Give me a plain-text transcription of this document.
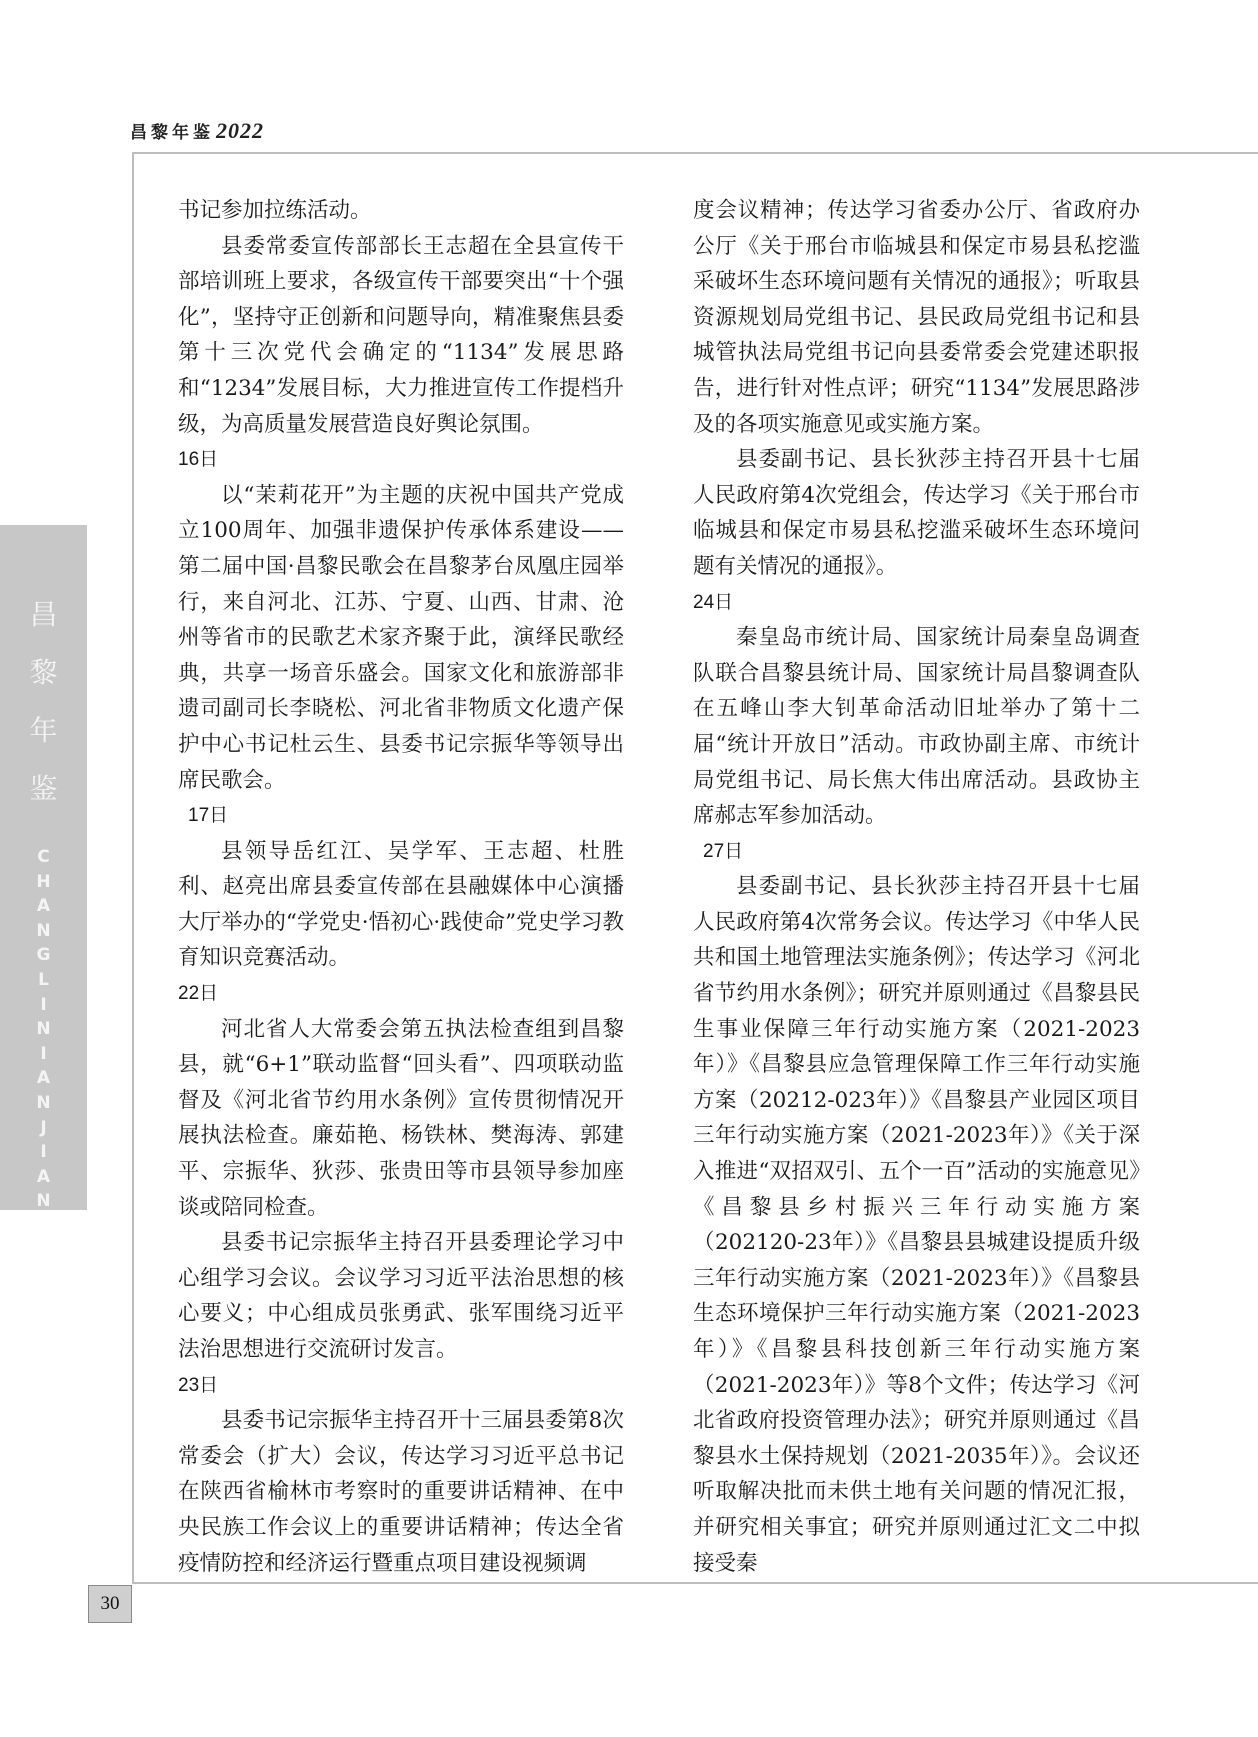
昌黎年鉴 2022
昌
黎
年
鉴
C
H
A
N
G
L
I
N
I
A
N
J
I
A
N
30

书记参加拉练活动。

县委常委宣传部部长王志超在全县宣传干部培训班上要求，各级宣传干部要突出“十个强化”，坚持守正创新和问题导向，精准聚焦县委第十三次党代会确定的“1134”发展思路和“1234”发展目标，大力推进宣传工作提档升级，为高质量发展营造良好舆论氛围。

16日

以“茉莉花开”为主题的庆祝中国共产党成立100周年、加强非遗保护传承体系建设——第二届中国·昌黎民歌会在昌黎茅台凤凰庄园举行，来自河北、江苏、宁夏、山西、甘肃、沧州等省市的民歌艺术家齐聚于此，演绎民歌经典，共享一场音乐盛会。国家文化和旅游部非遗司副司长李晓松、河北省非物质文化遗产保护中心书记杜云生、县委书记宗振华等领导出席民歌会。

17日

县领导岳红江、吴学军、王志超、杜胜利、赵亮出席县委宣传部在县融媒体中心演播大厅举办的“学党史·悟初心·践使命”党史学习教育知识竞赛活动。

22日

河北省人大常委会第五执法检查组到昌黎县，就“6+1”联动监督“回头看”、四项联动监督及《河北省节约用水条例》宣传贯彻情况开展执法检查。廉茹艳、杨铁林、樊海涛、郭建平、宗振华、狄莎、张贵田等市县领导参加座谈或陪同检查。

县委书记宗振华主持召开县委理论学习中心组学习会议。会议学习习近平法治思想的核心要义；中心组成员张勇武、张军围绕习近平法治思想进行交流研讨发言。

23日

县委书记宗振华主持召开十三届县委第8次常委会（扩大）会议，传达学习习近平总书记在陕西省榆林市考察时的重要讲话精神、在中央民族工作会议上的重要讲话精神；传达全省疫情防控和经济运行暨重点项目建设视频调

度会议精神；传达学习省委办公厅、省政府办公厅《关于邢台市临城县和保定市易县私挖滥采破坏生态环境问题有关情况的通报》；听取县资源规划局党组书记、县民政局党组书记和县城管执法局党组书记向县委常委会党建述职报告，进行针对性点评；研究“1134”发展思路涉及的各项实施意见或实施方案。

县委副书记、县长狄莎主持召开县十七届人民政府第4次党组会，传达学习《关于邢台市临城县和保定市易县私挖滥采破坏生态环境问题有关情况的通报》。

24日

秦皇岛市统计局、国家统计局秦皇岛调查队联合昌黎县统计局、国家统计局昌黎调查队在五峰山李大钊革命活动旧址举办了第十二届“统计开放日”活动。市政协副主席、市统计局党组书记、局长焦大伟出席活动。县政协主席郝志军参加活动。

27日

县委副书记、县长狄莎主持召开县十七届人民政府第4次常务会议。传达学习《中华人民共和国土地管理法实施条例》；传达学习《河北省节约用水条例》；研究并原则通过《昌黎县民生事业保障三年行动实施方案（2021-2023年）》《昌黎县应急管理保障工作三年行动实施方案（20212-023年）》《昌黎县产业园区项目三年行动实施方案（2021-2023年）》《关于深入推进“双招双引、五个一百”活动的实施意见》《昌黎县乡村振兴三年行动实施方案（202120-23年）》《昌黎县县城建设提质升级三年行动实施方案（2021-2023年）》《昌黎县生态环境保护三年行动实施方案（2021-2023年）》《昌黎县科技创新三年行动实施方案（2021-2023年）》等8个文件；传达学习《河北省政府投资管理办法》；研究并原则通过《昌黎县水土保持规划（2021-2035年）》。会议还听取解决批而未供土地有关问题的情况汇报，并研究相关事宜；研究并原则通过汇文二中拟接受秦
